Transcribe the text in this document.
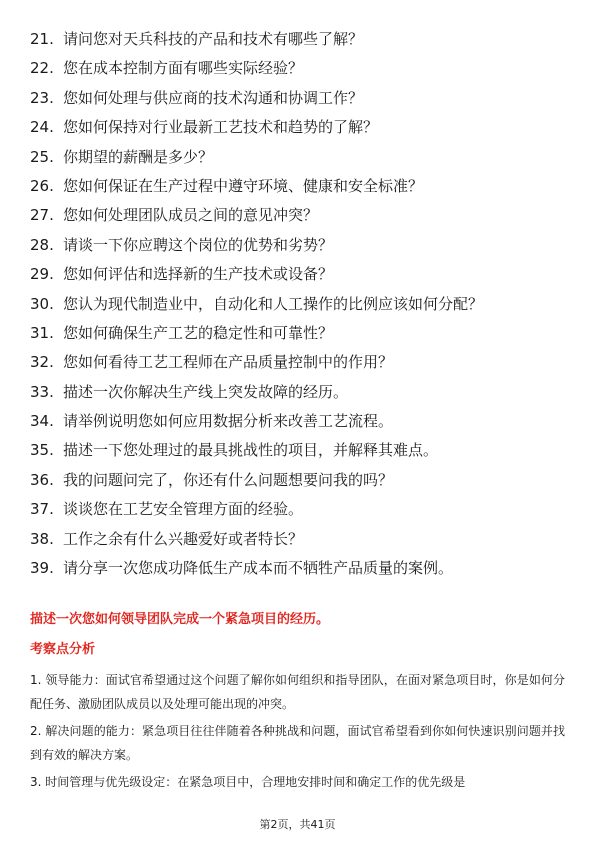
21. 请问您对天兵科技的产品和技术有哪些了解？
22. 您在成本控制方面有哪些实际经验？
23. 您如何处理与供应商的技术沟通和协调工作？
24. 您如何保持对行业最新工艺技术和趋势的了解？
25. 你期望的薪酬是多少？
26. 您如何保证在生产过程中遵守环境、健康和安全标准？
27. 您如何处理团队成员之间的意见冲突？
28. 请谈一下你应聘这个岗位的优势和劣势？
29. 您如何评估和选择新的生产技术或设备？
30. 您认为现代制造业中，自动化和人工操作的比例应该如何分配？
31. 您如何确保生产工艺的稳定性和可靠性？
32. 您如何看待工艺工程师在产品质量控制中的作用？
33. 描述一次你解决生产线上突发故障的经历。
34. 请举例说明您如何应用数据分析来改善工艺流程。
35. 描述一下您处理过的最具挑战性的项目，并解释其难点。
36. 我的问题问完了，你还有什么问题想要问我的吗？
37. 谈谈您在工艺安全管理方面的经验。
38. 工作之余有什么兴趣爱好或者特长？
39. 请分享一次您成功降低生产成本而不牺牲产品质量的案例。
描述一次您如何领导团队完成一个紧急项目的经历。
考察点分析

1. 领导能力：面试官希望通过这个问题了解你如何组织和指导团队，在面对紧急项目时，你是如何分配任务、激励团队成员以及处理可能出现的冲突。

2. 解决问题的能力：紧急项目往往伴随着各种挑战和问题，面试官希望看到你如何快速识别问题并找到有效的解决方案。

3. 时间管理与优先级设定：在紧急项目中，合理地安排时间和确定工作的优先级是

第2页，共41页
